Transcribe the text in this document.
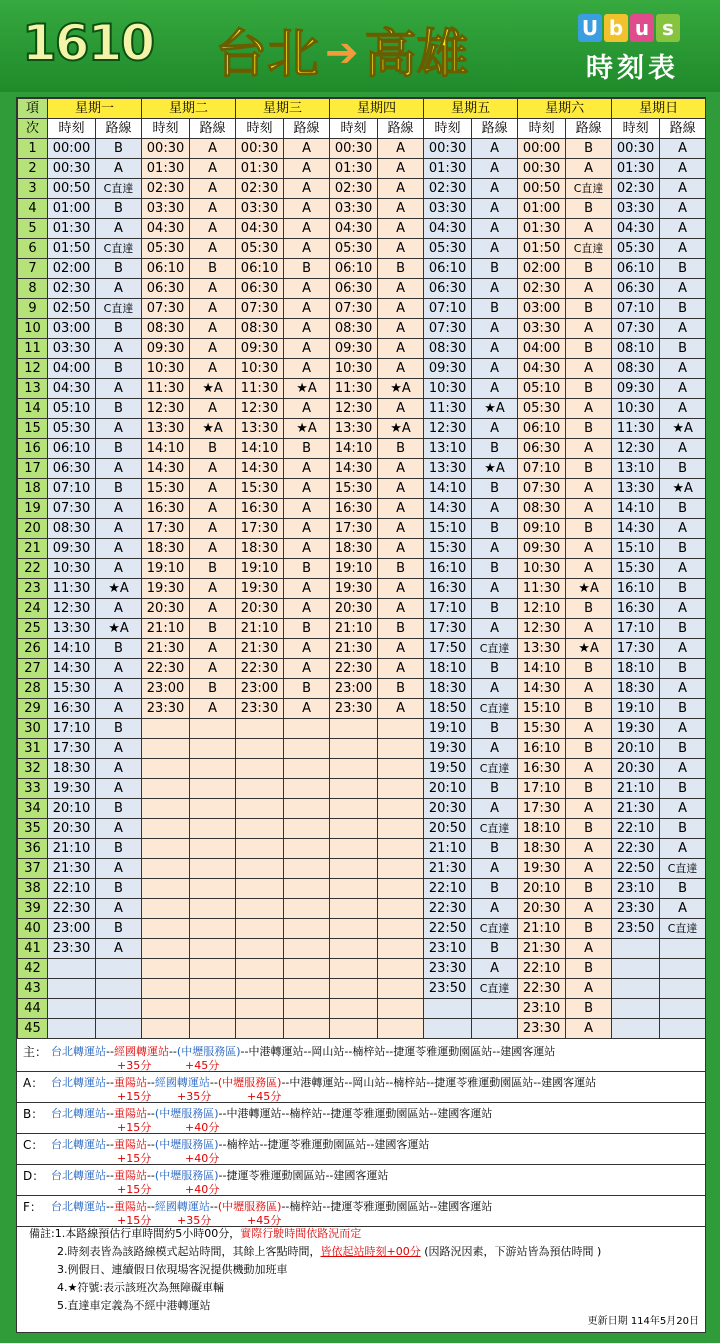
1610 台北 ➔ 高雄	U b u s
時刻表
項	星期一		星期二		星期三		星期四		星期五		星期六		星期日	
次	時刻	路線	時刻	路線	時刻	路線	時刻	路線	時刻	路線	時刻	路線	時刻	路線
1	00:00	B	00:30	A	00:30	A	00:30	A	00:30	A	00:00	B	00:30	A
2	00:30	A	01:30	A	01:30	A	01:30	A	01:30	A	00:30	A	01:30	A
3	00:50	C直達	02:30	A	02:30	A	02:30	A	02:30	A	00:50	C直達	02:30	A
4	01:00	B	03:30	A	03:30	A	03:30	A	03:30	A	01:00	B	03:30	A
5	01:30	A	04:30	A	04:30	A	04:30	A	04:30	A	01:30	A	04:30	A
6	01:50	C直達	05:30	A	05:30	A	05:30	A	05:30	A	01:50	C直達	05:30	A
7	02:00	B	06:10	B	06:10	B	06:10	B	06:10	B	02:00	B	06:10	B
8	02:30	A	06:30	A	06:30	A	06:30	A	06:30	A	02:30	A	06:30	A
9	02:50	C直達	07:30	A	07:30	A	07:30	A	07:10	B	03:00	B	07:10	B
10	03:00	B	08:30	A	08:30	A	08:30	A	07:30	A	03:30	A	07:30	A
11	03:30	A	09:30	A	09:30	A	09:30	A	08:30	A	04:00	B	08:10	B
12	04:00	B	10:30	A	10:30	A	10:30	A	09:30	A	04:30	A	08:30	A
13	04:30	A	11:30	★A	11:30	★A	11:30	★A	10:30	A	05:10	B	09:30	A
14	05:10	B	12:30	A	12:30	A	12:30	A	11:30	★A	05:30	A	10:30	A
15	05:30	A	13:30	★A	13:30	★A	13:30	★A	12:30	A	06:10	B	11:30	★A
16	06:10	B	14:10	B	14:10	B	14:10	B	13:10	B	06:30	A	12:30	A
17	06:30	A	14:30	A	14:30	A	14:30	A	13:30	★A	07:10	B	13:10	B
18	07:10	B	15:30	A	15:30	A	15:30	A	14:10	B	07:30	A	13:30	★A
19	07:30	A	16:30	A	16:30	A	16:30	A	14:30	A	08:30	A	14:10	B
20	08:30	A	17:30	A	17:30	A	17:30	A	15:10	B	09:10	B	14:30	A
21	09:30	A	18:30	A	18:30	A	18:30	A	15:30	A	09:30	A	15:10	B
22	10:30	A	19:10	B	19:10	B	19:10	B	16:10	B	10:30	A	15:30	A
23	11:30	★A	19:30	A	19:30	A	19:30	A	16:30	A	11:30	★A	16:10	B
24	12:30	A	20:30	A	20:30	A	20:30	A	17:10	B	12:10	B	16:30	A
25	13:30	★A	21:10	B	21:10	B	21:10	B	17:30	A	12:30	A	17:10	B
26	14:10	B	21:30	A	21:30	A	21:30	A	17:50	C直達	13:30	★A	17:30	A
27	14:30	A	22:30	A	22:30	A	22:30	A	18:10	B	14:10	B	18:10	B
28	15:30	A	23:00	B	23:00	B	23:00	B	18:30	A	14:30	A	18:30	A
29	16:30	A	23:30	A	23:30	A	23:30	A	18:50	C直達	15:10	B	19:10	B
30	17:10	B							19:10	B	15:30	A	19:30	A
31	17:30	A							19:30	A	16:10	B	20:10	B
32	18:30	A							19:50	C直達	16:30	A	20:30	A
33	19:30	A							20:10	B	17:10	B	21:10	B
34	20:10	B							20:30	A	17:30	A	21:30	A
35	20:30	A							20:50	C直達	18:10	B	22:10	B
36	21:10	B							21:10	B	18:30	A	22:30	A
37	21:30	A							21:30	A	19:30	A	22:50	C直達
38	22:10	B							22:10	B	20:10	B	23:10	B
39	22:30	A							22:30	A	20:30	A	23:30	A
40	23:00	B							22:50	C直達	21:10	B	23:50	C直達
41	23:30	A							23:10	B	21:30	A		
42									23:30	A	22:10	B		
43									23:50	C直達	22:30	A		
44											23:10	B		
45											23:30	A		
主： 台北轉運站--經國轉運站--(中壢服務區)--中港轉運站--岡山站--楠梓站--捷運苓雅運動園區站--建國客運站
+35分	+45分
A： 台北轉運站--重陽站--經國轉運站--(中壢服務區)--中港轉運站--岡山站--楠梓站--捷運苓雅運動園區站--建國客運站
+15分 +35分	+45分
B： 台北轉運站--重陽站--(中壢服務區)--中港轉運站--楠梓站--捷運苓雅運動園區站--建國客運站
+15分	+40分
C： 台北轉運站--重陽站--(中壢服務區)--楠梓站--捷運苓雅運動園區站--建國客運站
+15分	+40分
D： 台北轉運站--重陽站--(中壢服務區)--捷運苓雅運動園區站--建國客運站
+15分	+40分
F： 台北轉運站--重陽站--經國轉運站--(中壢服務區)--楠梓站--捷運苓雅運動園區站--建國客運站
+15分 +35分	+45分
備註:1.本路線預估行車時間約5小時00分，實際行駛時間依路況而定
2.時刻表皆為該路線模式起站時間，其餘上客點時間，皆依起站時刻+00分 (因路況因素，下游站皆為預估時間 )
3.例假日、連續假日依現場客況提供機動加班車
4.★符號:表示該班次為無障礙車輛
5.直達車定義為不經中港轉運站
更新日期 114年5月20日
